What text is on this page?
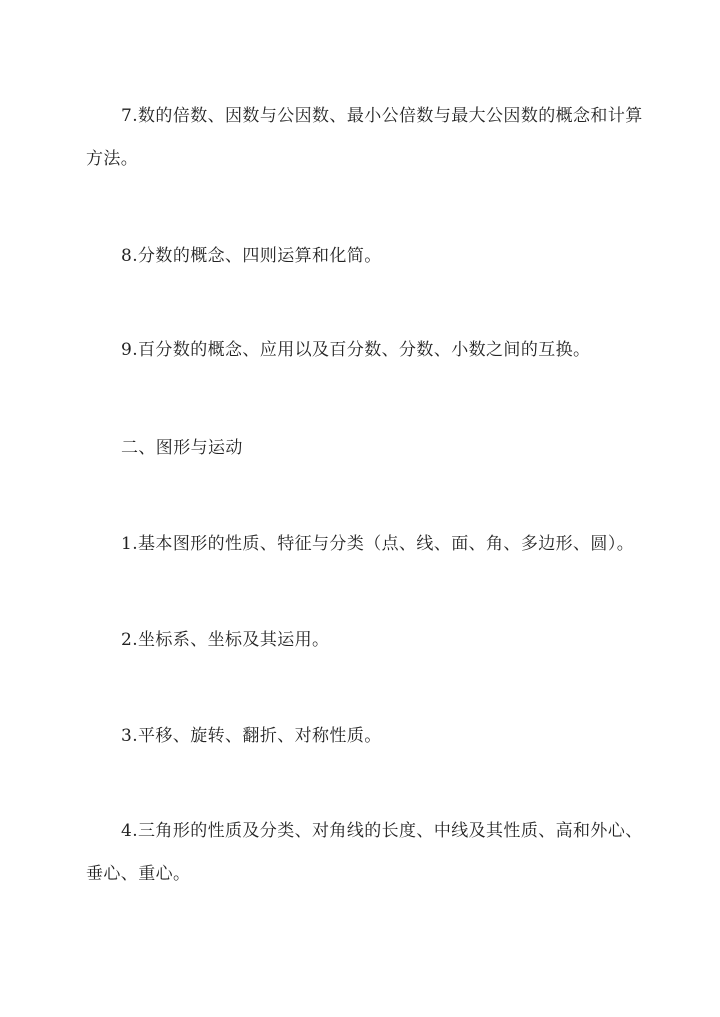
7.数的倍数、因数与公因数、最小公倍数与最大公因数的概念和计算方法。

8.分数的概念、四则运算和化简。

9.百分数的概念、应用以及百分数、分数、小数之间的互换。

二、图形与运动

1.基本图形的性质、特征与分类（点、线、面、角、多边形、圆）。

2.坐标系、坐标及其运用。

3.平移、旋转、翻折、对称性质。

4.三角形的性质及分类、对角线的长度、中线及其性质、高和外心、垂心、重心。
